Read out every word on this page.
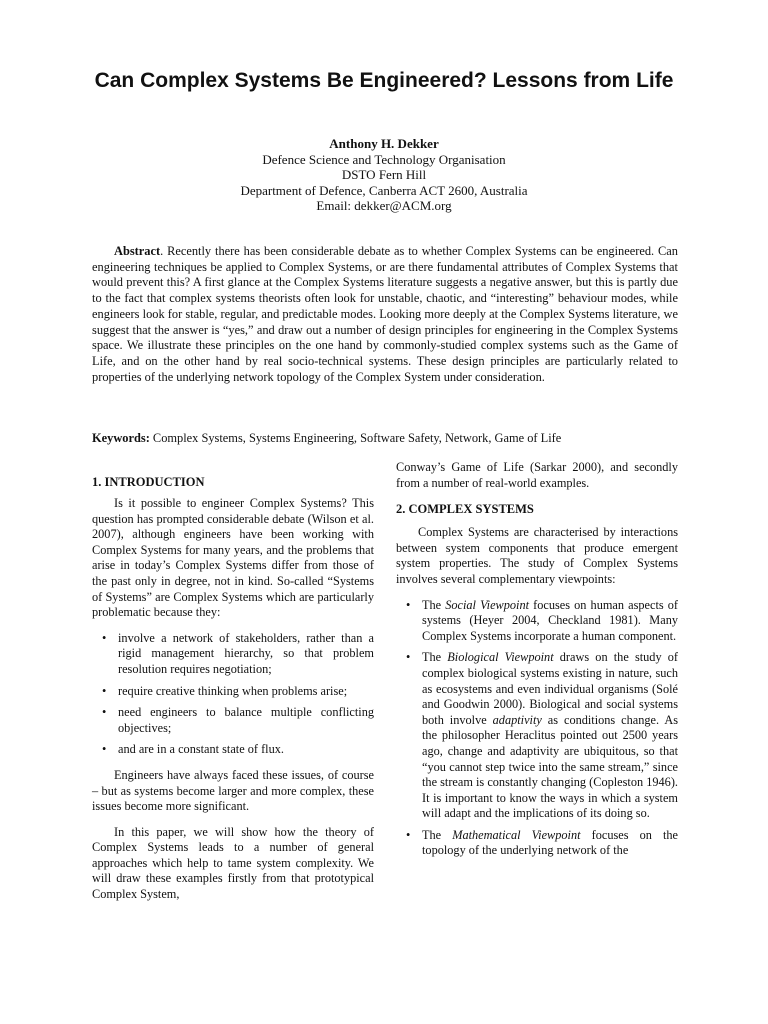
Can Complex Systems Be Engineered? Lessons from Life
Anthony H. Dekker
Defence Science and Technology Organisation
DSTO Fern Hill
Department of Defence, Canberra ACT 2600, Australia
Email: dekker@ACM.org

Abstract. Recently there has been considerable debate as to whether Complex Systems can be engineered. Can engineering techniques be applied to Complex Systems, or are there fundamental attributes of Complex Systems that would prevent this? A first glance at the Complex Systems literature suggests a negative answer, but this is partly due to the fact that complex systems theorists often look for unstable, chaotic, and “interesting” behaviour modes, while engineers look for stable, regular, and predictable modes. Looking more deeply at the Complex Systems literature, we suggest that the answer is “yes,” and draw out a number of design principles for engineering in the Complex Systems space. We illustrate these principles on the one hand by commonly-studied complex systems such as the Game of Life, and on the other hand by real socio-technical systems. These design principles are particularly related to properties of the underlying network topology of the Complex System under consideration.

Keywords: Complex Systems, Systems Engineering, Software Safety, Network, Game of Life
1. INTRODUCTION

Is it possible to engineer Complex Systems? This question has prompted considerable debate (Wilson et al. 2007), although engineers have been working with Complex Systems for many years, and the problems that arise in today’s Complex Systems differ from those of the past only in degree, not in kind. So-called “Systems of Systems” are Complex Systems which are particularly problematic because they:

• involve a network of stakeholders, rather than a rigid management hierarchy, so that problem resolution requires negotiation;
• require creative thinking when problems arise;
• need engineers to balance multiple conflicting objectives;
• and are in a constant state of flux.

Engineers have always faced these issues, of course – but as systems become larger and more complex, these issues become more significant.

In this paper, we will show how the theory of Complex Systems leads to a number of general approaches which help to tame system complexity. We will draw these examples firstly from that prototypical Complex System,

Conway’s Game of Life (Sarkar 2000), and secondly from a number of real-world examples.

2. COMPLEX SYSTEMS

Complex Systems are characterised by interactions between system components that produce emergent system properties. The study of Complex Systems involves several complementary viewpoints:

• The Social Viewpoint focuses on human aspects of systems (Heyer 2004, Checkland 1981). Many Complex Systems incorporate a human component.
• The Biological Viewpoint draws on the study of complex biological systems existing in nature, such as ecosystems and even individual organisms (Solé and Goodwin 2000). Biological and social systems both involve adaptivity as conditions change. As the philosopher Heraclitus pointed out 2500 years ago, change and adaptivity are ubiquitous, so that “you cannot step twice into the same stream,” since the stream is constantly changing (Copleston 1946). It is important to know the ways in which a system will adapt and the implications of its doing so.
• The Mathematical Viewpoint focuses on the topology of the underlying network of the
